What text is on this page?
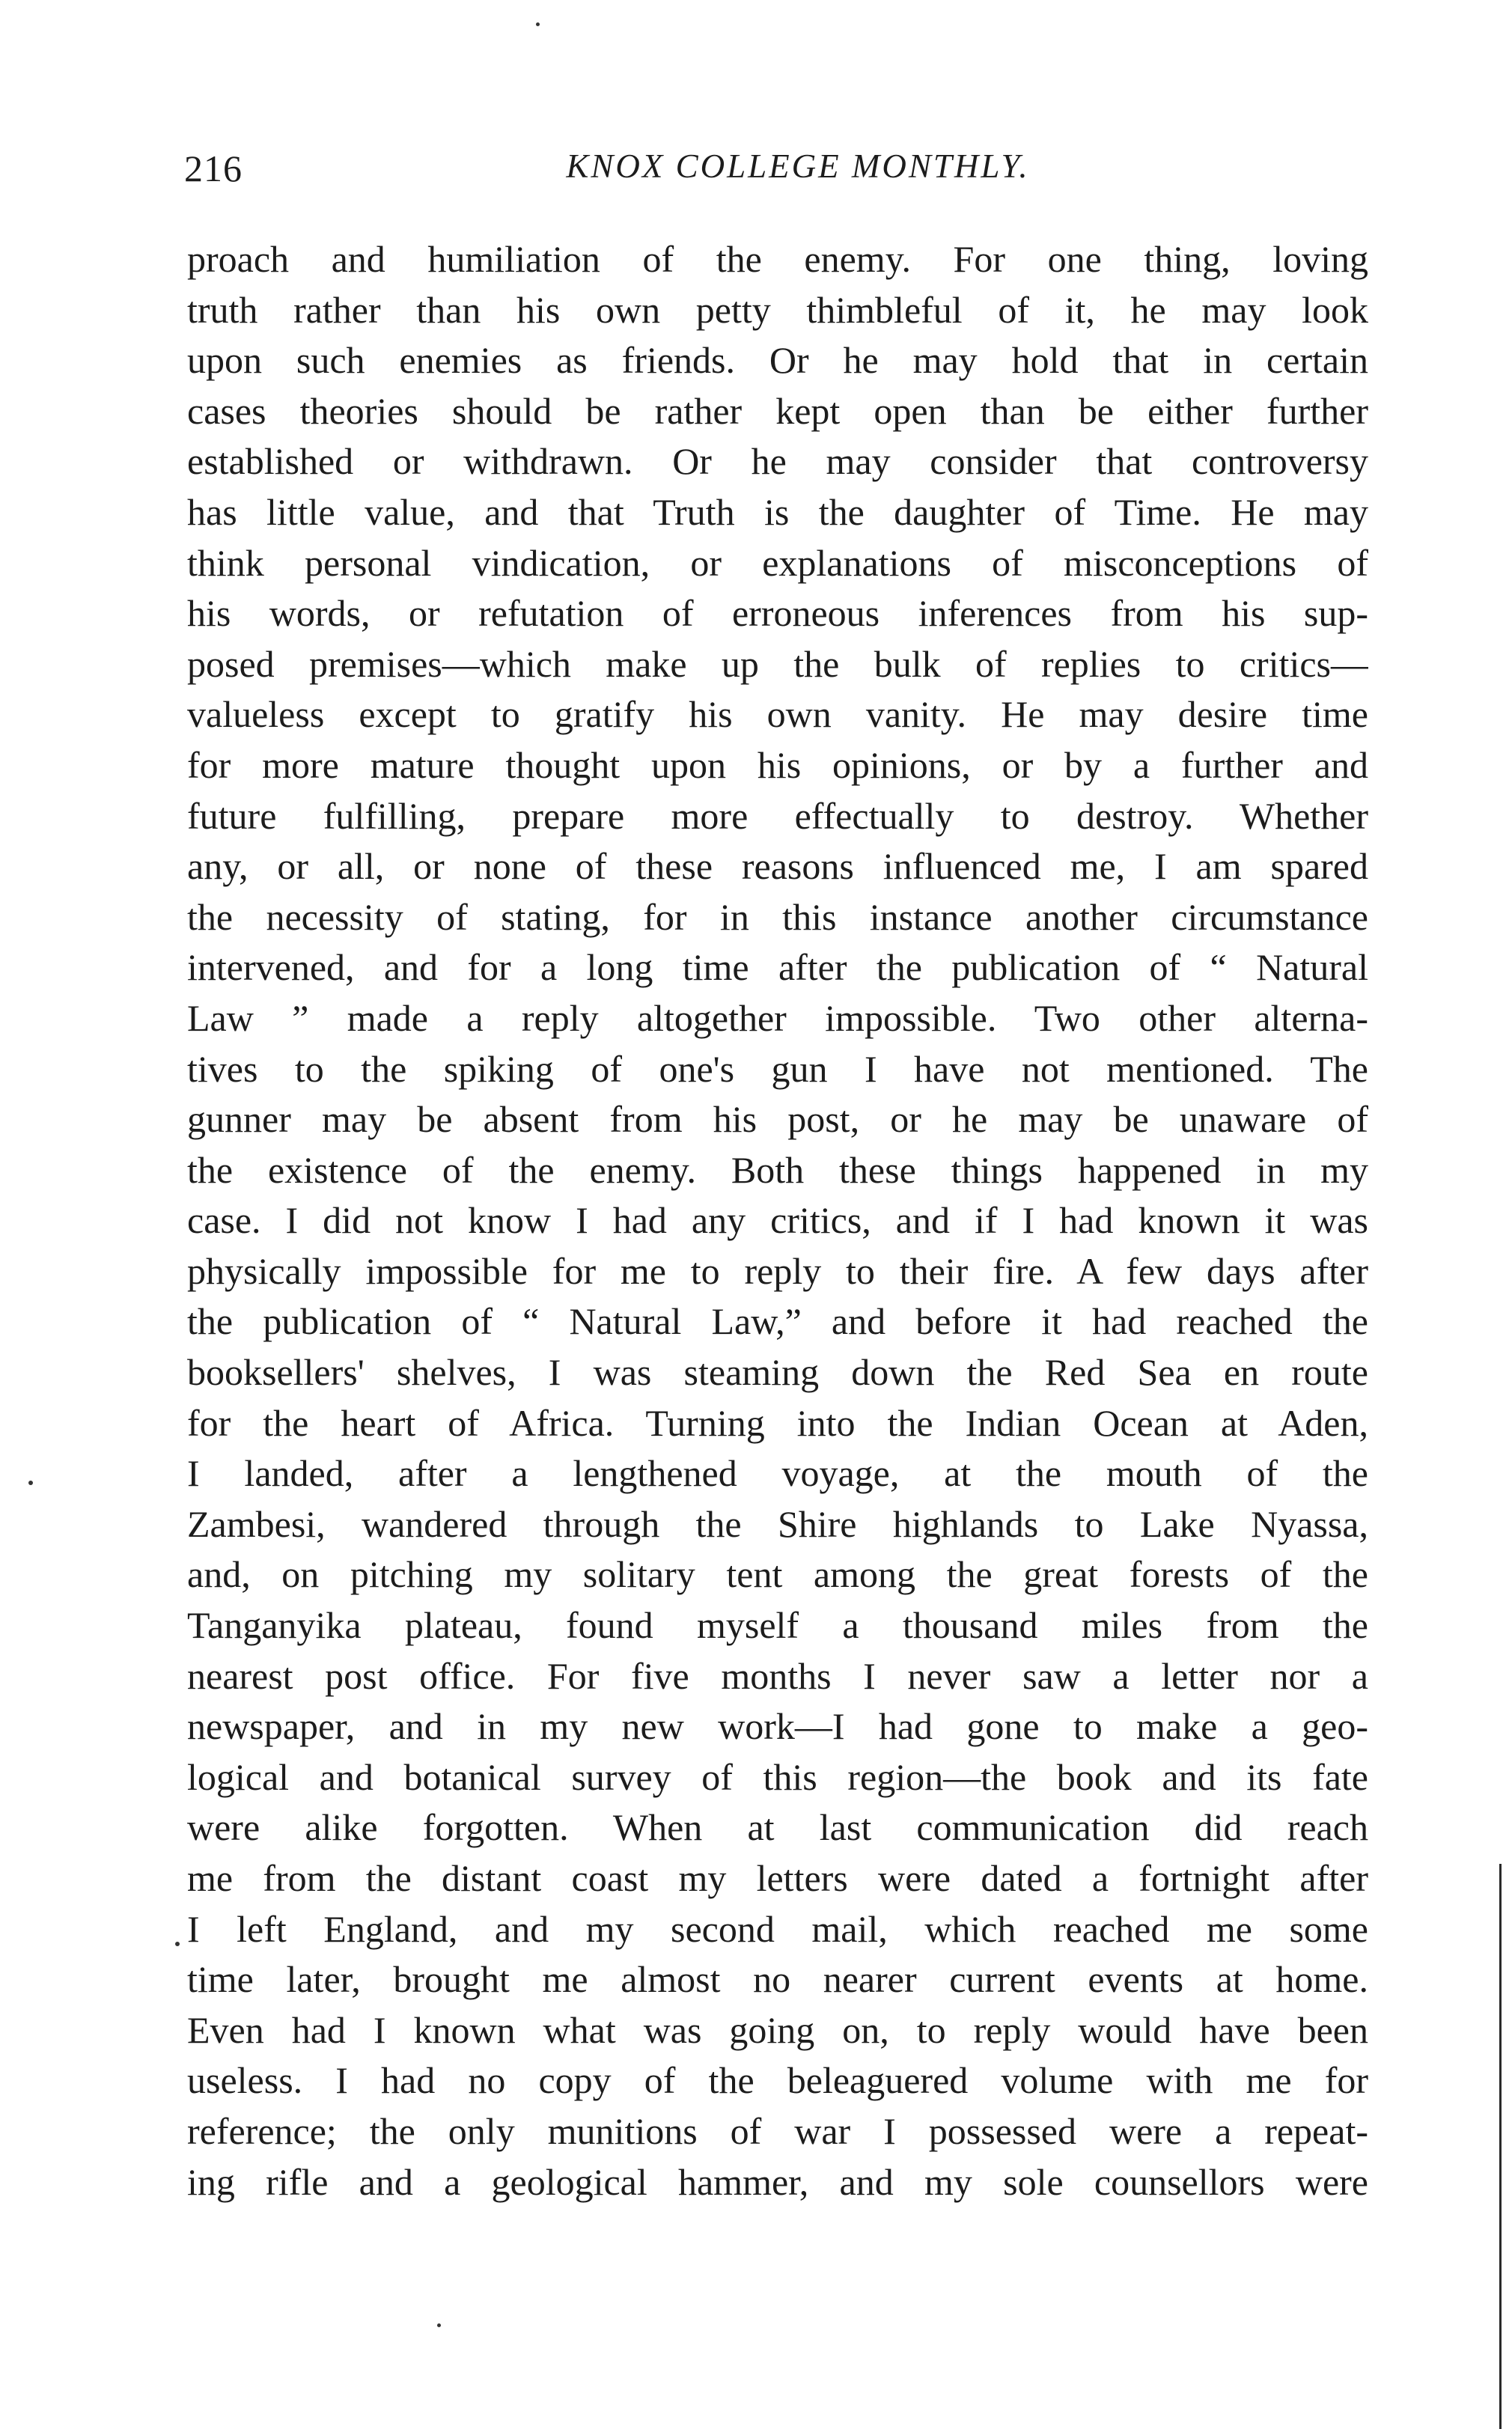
216	KNOX COLLEGE MONTHLY.
proach and humiliation of the enemy. For one thing, loving
truth rather than his own petty thimbleful of it, he may look
upon such enemies as friends. Or he may hold that in certain
cases theories should be rather kept open than be either further
established or withdrawn. Or he may consider that controversy
has little value, and that Truth is the daughter of Time. He may
think personal vindication, or explanations of misconceptions of
his words, or refutation of erroneous inferences from his sup-
posed premises—which make up the bulk of replies to critics—
valueless except to gratify his own vanity. He may desire time
for more mature thought upon his opinions, or by a further and
future fulfilling, prepare more effectually to destroy. Whether
any, or all, or none of these reasons influenced me, I am spared
the necessity of stating, for in this instance another circumstance
intervened, and for a long time after the publication of “ Natural
Law ” made a reply altogether impossible. Two other alterna-
tives to the spiking of one's gun I have not mentioned. The
gunner may be absent from his post, or he may be unaware of
the existence of the enemy. Both these things happened in my
case. I did not know I had any critics, and if I had known it was
physically impossible for me to reply to their fire. A few days after
the publication of “ Natural Law,” and before it had reached the
booksellers' shelves, I was steaming down the Red Sea en route
for the heart of Africa. Turning into the Indian Ocean at Aden,
I landed, after a lengthened voyage, at the mouth of the
Zambesi, wandered through the Shire highlands to Lake Nyassa,
and, on pitching my solitary tent among the great forests of the
Tanganyika plateau, found myself a thousand miles from the
nearest post office. For five months I never saw a letter nor a
newspaper, and in my new work—I had gone to make a geo-
logical and botanical survey of this region—the book and its fate
were alike forgotten. When at last communication did reach
me from the distant coast my letters were dated a fortnight after
I left England, and my second mail, which reached me some
time later, brought me almost no nearer current events at home.
Even had I known what was going on, to reply would have been
useless. I had no copy of the beleaguered volume with me for
reference; the only munitions of war I possessed were a repeat-
ing rifle and a geological hammer, and my sole counsellors were
